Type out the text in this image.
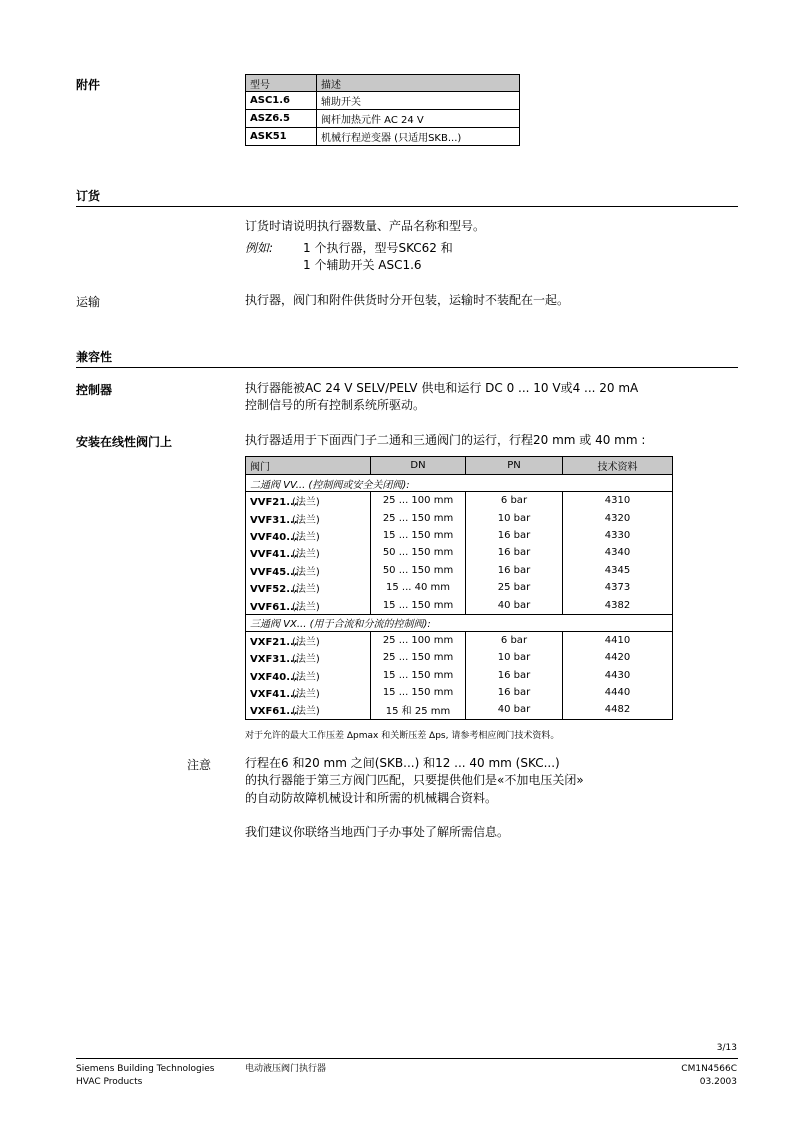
附件	型号	描述
ASC1.6	辅助开关
ASZ6.5	阀杆加热元件 AC 24 V
ASK51	机械行程逆变器 (只适用SKB...)
订货
订货时请说明执行器数量、产品名称和型号。
例如: 1 个执行器，型号SKC62 和
1 个辅助开关 ASC1.6
运输	执行器，阀门和附件供货时分开包装，运输时不装配在一起。
兼容性
控制器	执行器能被AC 24 V SELV/PELV 供电和运行 DC 0 ... 10 V或4 ... 20 mA
控制信号的所有控制系统所驱动。
安装在线性阀门上	执行器适用于下面西门子二通和三通阀门的运行，行程20 mm 或 40 mm :
阀门	DN	PN	技术资料
二通阀 VV... (控制阀或安全关闭阀):			
VVF21...(法兰)	25 ... 100 mm	6 bar	4310
VVF31...(法兰)	25 ... 150 mm	10 bar	4320
VVF40...(法兰)	15 ... 150 mm	16 bar	4330
VVF41...(法兰)	50 ... 150 mm	16 bar	4340
VVF45...(法兰)	50 ... 150 mm	16 bar	4345
VVF52...(法兰)	15 ... 40 mm	25 bar	4373
VVF61...(法兰)	15 ... 150 mm	40 bar	4382
三通阀 VX... (用于合流和分流的控制阀):			
VXF21...(法兰)	25 ... 100 mm	6 bar	4410
VXF31...(法兰)	25 ... 150 mm	10 bar	4420
VXF40...(法兰)	15 ... 150 mm	16 bar	4430
VXF41...(法兰)	15 ... 150 mm	16 bar	4440
VXF61...(法兰)	15 和 25 mm	40 bar	4482
对于允许的最大工作压差 Δpmax 和关断压差 Δps, 请参考相应阀门技术资料。
注意	行程在6 和20 mm 之间(SKB...) 和12 ... 40 mm (SKC...)
的执行器能于第三方阀门匹配，只要提供他们是«不加电压关闭»
的自动防故障机械设计和所需的机械耦合资料。
我们建议你联络当地西门子办事处了解所需信息。
3/13
Siemens Building Technologies
HVAC Products
电动液压阀门执行器	CM1N4566C
03.2003
